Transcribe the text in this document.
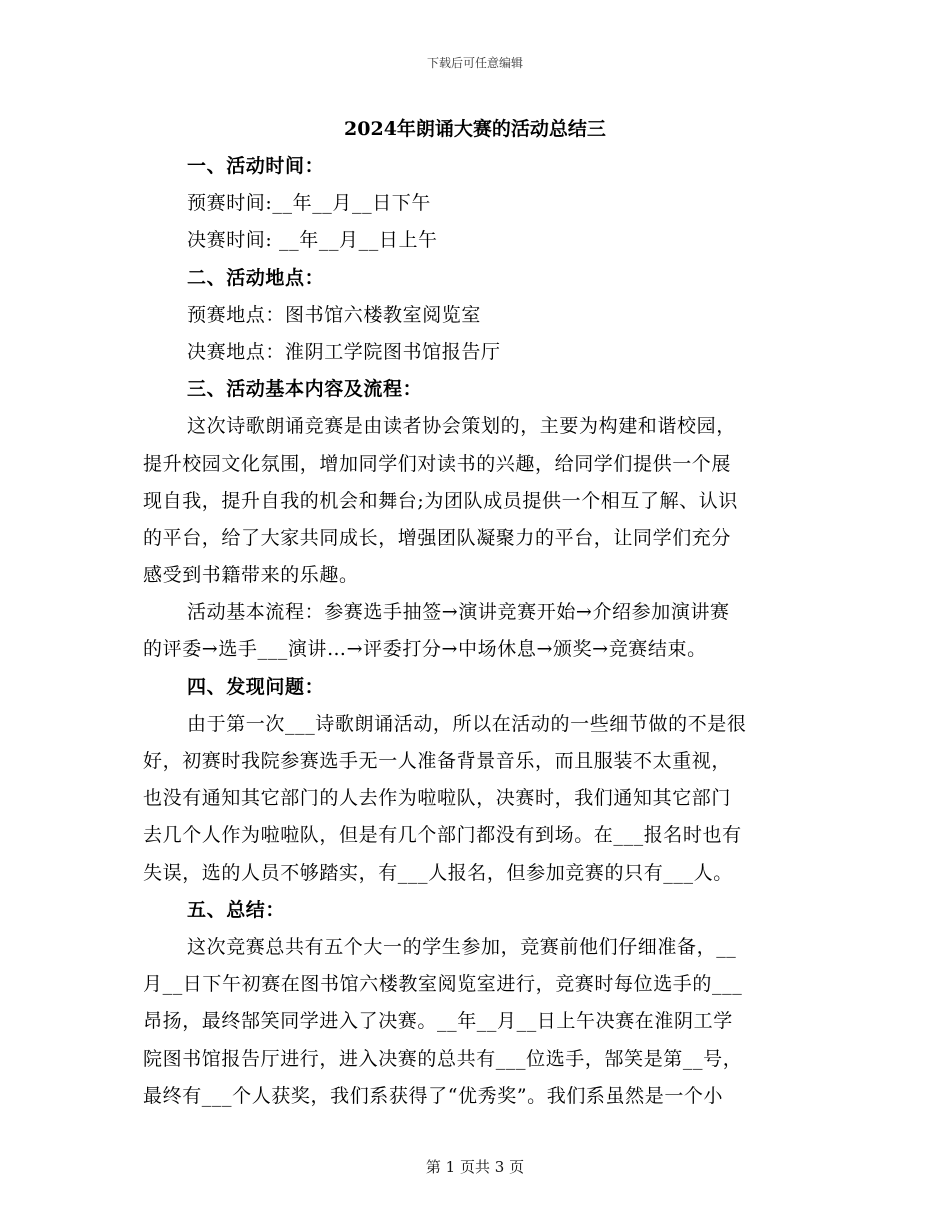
下载后可任意编辑
2024年朗诵大赛的活动总结三
一、活动时间：
预赛时间:__年__月__日下午
决赛时间: __年__月__日上午
二、活动地点：
预赛地点：图书馆六楼教室阅览室
决赛地点：淮阴工学院图书馆报告厅
三、活动基本内容及流程：
这次诗歌朗诵竞赛是由读者协会策划的，主要为构建和谐校园，
提升校园文化氛围，增加同学们对读书的兴趣，给同学们提供一个展
现自我，提升自我的机会和舞台;为团队成员提供一个相互了解、认识
的平台，给了大家共同成长，增强团队凝聚力的平台，让同学们充分
感受到书籍带来的乐趣。
活动基本流程：参赛选手抽签→演讲竞赛开始→介绍参加演讲赛
的评委→选手___演讲…→评委打分→中场休息→颁奖→竞赛结束。
四、发现问题：
由于第一次___诗歌朗诵活动，所以在活动的一些细节做的不是很
好，初赛时我院参赛选手无一人准备背景音乐，而且服装不太重视，
也没有通知其它部门的人去作为啦啦队，决赛时，我们通知其它部门
去几个人作为啦啦队，但是有几个部门都没有到场。在___报名时也有
失误，选的人员不够踏实，有___人报名，但参加竞赛的只有___人。
五、总结：
这次竞赛总共有五个大一的学生参加，竞赛前他们仔细准备，__
月__日下午初赛在图书馆六楼教室阅览室进行，竞赛时每位选手的___
昂扬，最终郜笑同学进入了决赛。__年__月__日上午决赛在淮阴工学
院图书馆报告厅进行，进入决赛的总共有___位选手，郜笑是第__号，
最终有___个人获奖，我们系获得了“优秀奖”。我们系虽然是一个小
第 1 页共 3 页
